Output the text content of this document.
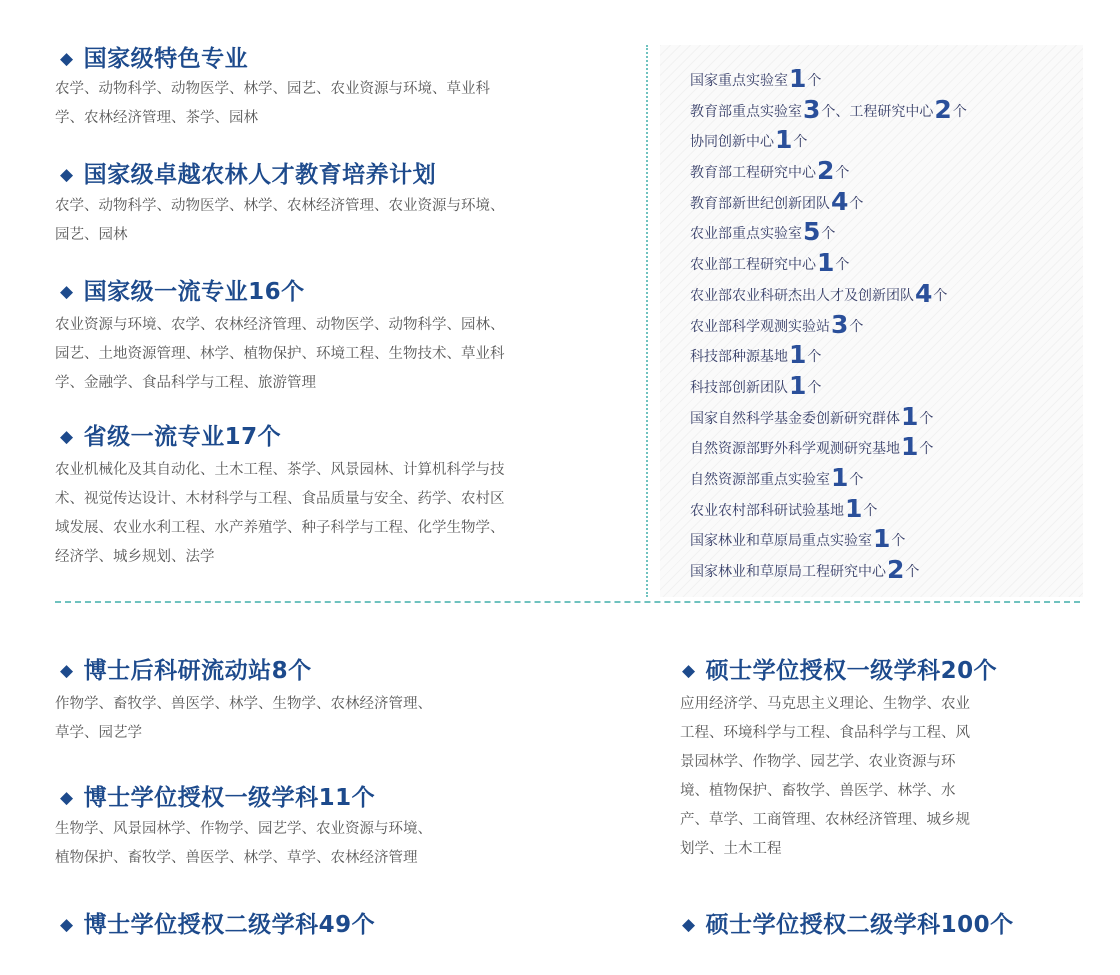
◆ 国家级特色专业
农学、动物科学、动物医学、林学、园艺、农业资源与环境、草业科
学、农林经济管理、茶学、园林
◆ 国家级卓越农林人才教育培养计划
农学、动物科学、动物医学、林学、农林经济管理、农业资源与环境、
园艺、园林
◆ 国家级一流专业16个
农业资源与环境、农学、农林经济管理、动物医学、动物科学、园林、
园艺、土地资源管理、林学、植物保护、环境工程、生物技术、草业科
学、金融学、食品科学与工程、旅游管理
◆ 省级一流专业17个
农业机械化及其自动化、土木工程、茶学、风景园林、计算机科学与技
术、视觉传达设计、木材科学与工程、食品质量与安全、药学、农村区
域发展、农业水利工程、水产养殖学、种子科学与工程、化学生物学、
经济学、城乡规划、法学
国家重点实验室1个
教育部重点实验室3个、工程研究中心2个
协同创新中心1个
教育部工程研究中心2个
教育部新世纪创新团队4个
农业部重点实验室5个
农业部工程研究中心1个
农业部农业科研杰出人才及创新团队4个
农业部科学观测实验站3个
科技部种源基地1个
科技部创新团队1个
国家自然科学基金委创新研究群体1个
自然资源部野外科学观测研究基地1个
自然资源部重点实验室1个
农业农村部科研试验基地1个
国家林业和草原局重点实验室1个
国家林业和草原局工程研究中心2个
◆ 博士后科研流动站8个
作物学、畜牧学、兽医学、林学、生物学、农林经济管理、
草学、园艺学
◆ 博士学位授权一级学科11个
生物学、风景园林学、作物学、园艺学、农业资源与环境、
植物保护、畜牧学、兽医学、林学、草学、农林经济管理
◆ 博士学位授权二级学科49个
◆ 硕士学位授权一级学科20个
应用经济学、马克思主义理论、生物学、农业
工程、环境科学与工程、食品科学与工程、风
景园林学、作物学、园艺学、农业资源与环
境、植物保护、畜牧学、兽医学、林学、水
产、草学、工商管理、农林经济管理、城乡规
划学、土木工程
◆ 硕士学位授权二级学科100个
